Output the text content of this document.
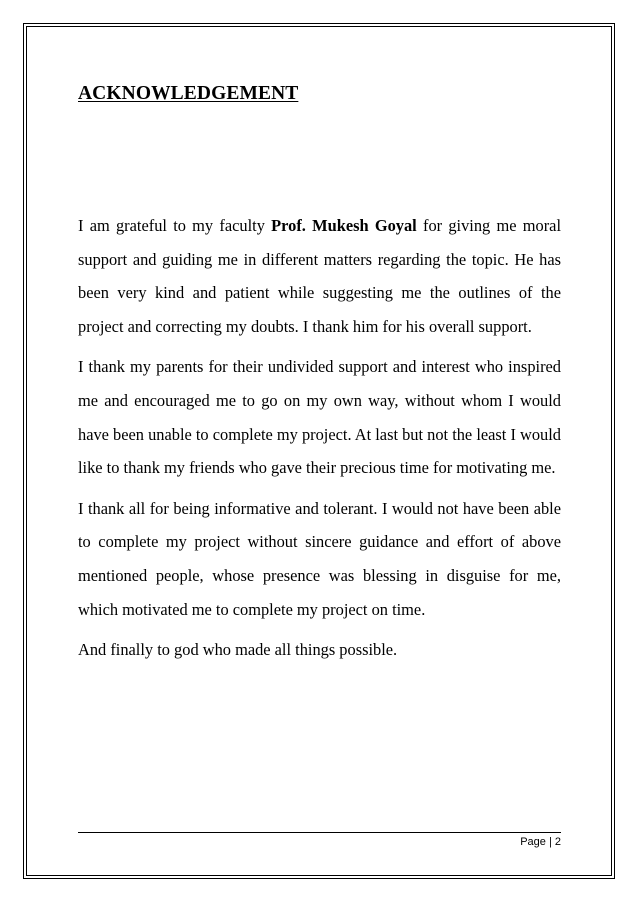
ACKNOWLEDGEMENT

I am grateful to my faculty Prof. Mukesh Goyal for giving me moral support and guiding me in different matters regarding the topic. He has been very kind and patient while suggesting me the outlines of the project and correcting my doubts. I thank him for his overall support.

I thank my parents for their undivided support and interest who inspired me and encouraged me to go on my own way, without whom I would have been unable to complete my project. At last but not the least I would like to thank my friends who gave their precious time for motivating me.

I thank all for being informative and tolerant. I would not have been able to complete my project without sincere guidance and effort of above mentioned people, whose presence was blessing in disguise for me, which motivated me to complete my project on time.

And finally to god who made all things possible.

Page | 2
